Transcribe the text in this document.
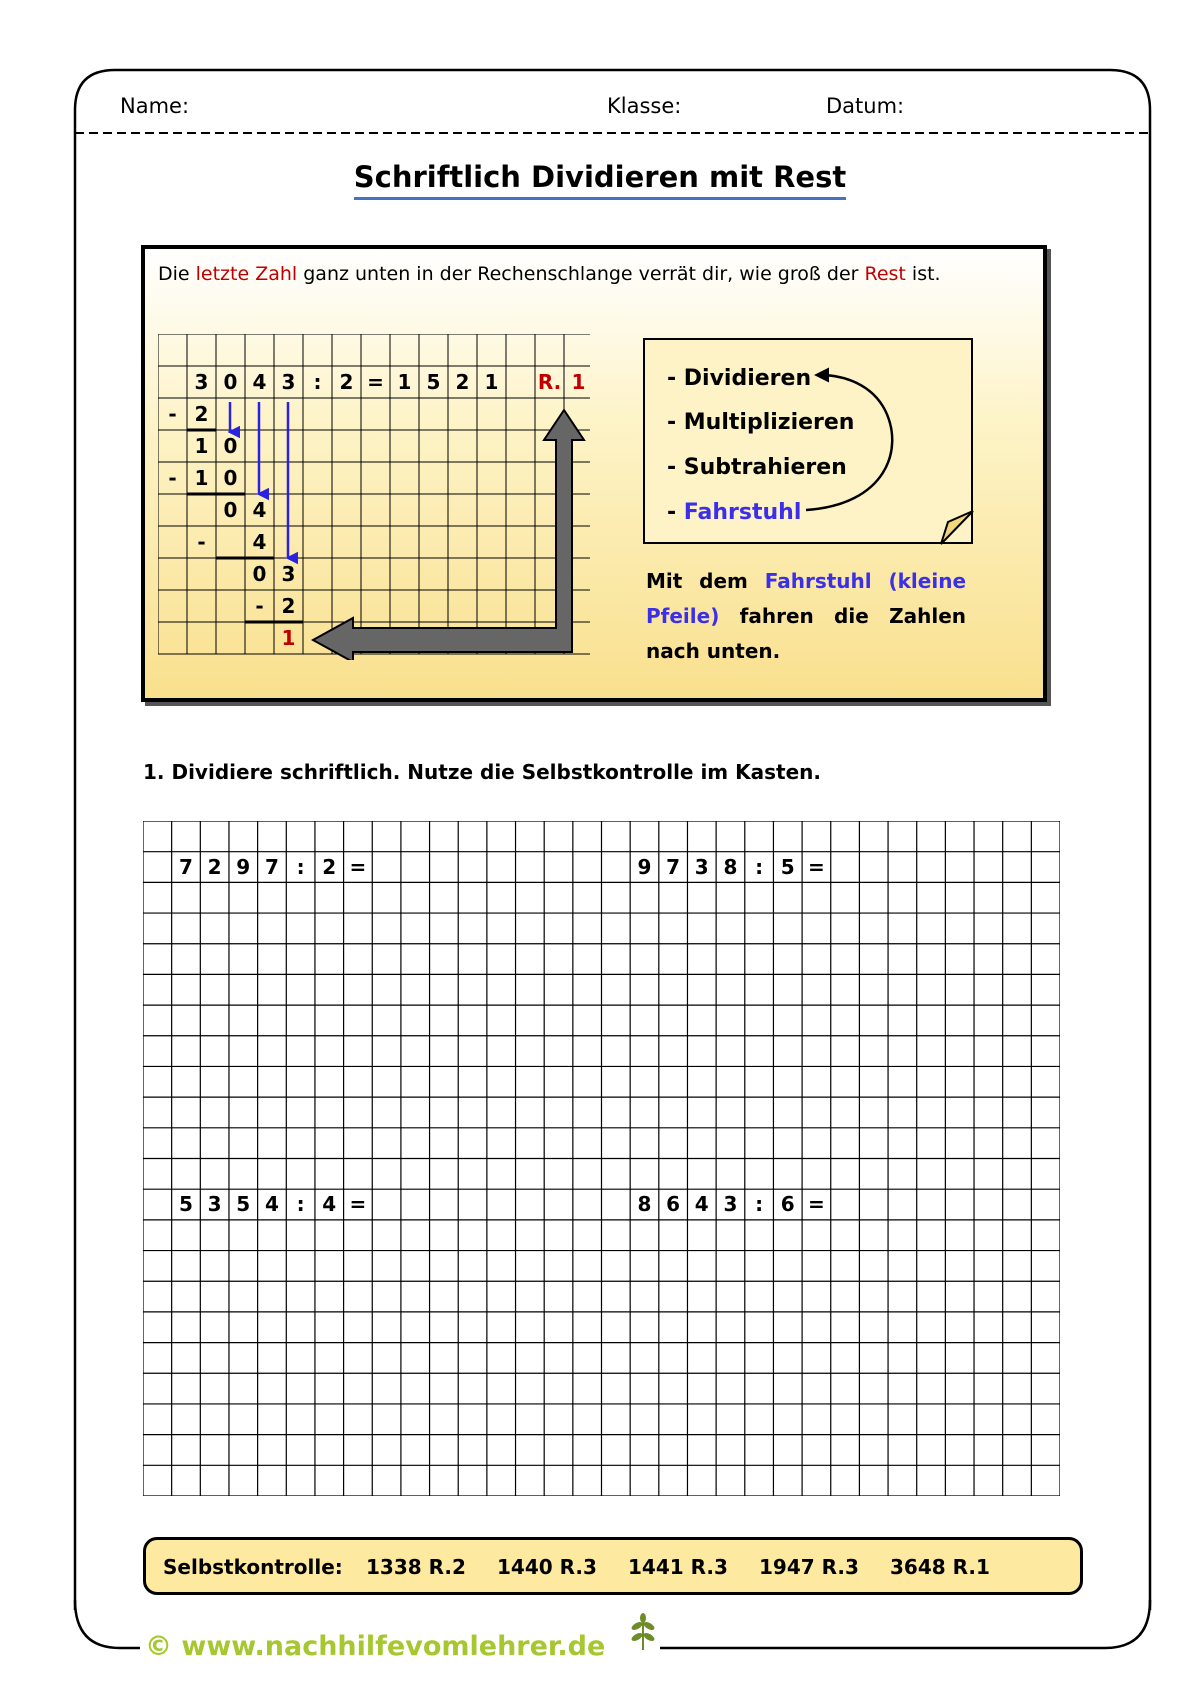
Name:	Klasse:	Datum:
Schriftlich Dividieren mit Rest
Die letzte Zahl ganz unten in der Rechenschlange verrät dir, wie groß der Rest ist.
3 0 4 3 : 2 = 1 5 2 1	R. 1
- 2
1 0
- 1 0
0 4
-	4
0 3
- 2
1
- Dividieren
- Multiplizieren
- Subtrahieren
- Fahrstuhl
Mit dem Fahrstuhl (kleine Pfeile) fahren die Zahlen nach unten.
1. Dividiere schriftlich. Nutze die Selbstkontrolle im Kasten.
7 2 9 7 : 2 =	9 7 3 8 : 5 =
5 3 5 4 : 4 =	8 6 4 3 : 6 =
Selbstkontrolle: 1338 R.2 1440 R.3 1441 R.3 1947 R.3 3648 R.1
© www.nachhilfevomlehrer.de
